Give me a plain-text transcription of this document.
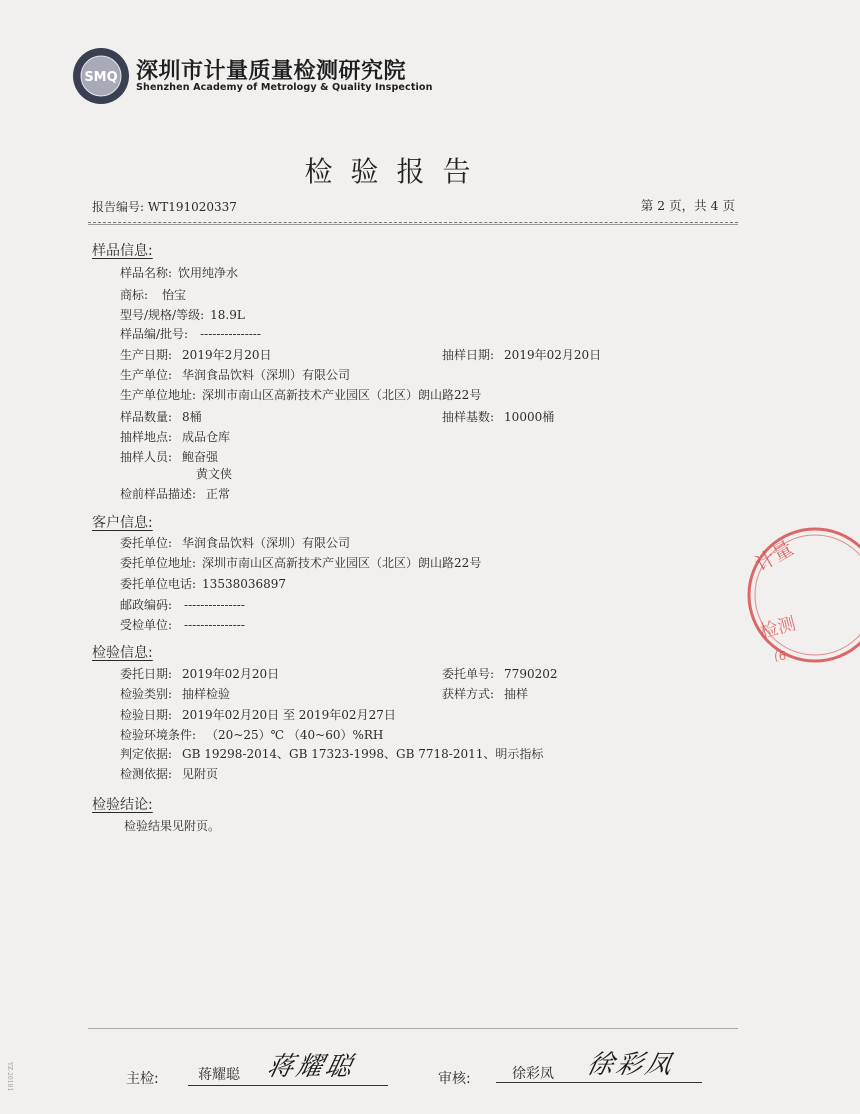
SMQ 深圳市计量质量检测研究院
Shenzhen Academy of Metrology & Quality Inspection
检验报告
报告编号: WT191020337	第 2 页，共 4 页
样品信息:
样品名称: 饮用纯净水
商标: 怡宝
型号/规格/等级: 18.9L
样品编/批号: ---------------
生产日期: 2019年2月20日	抽样日期: 2019年02月20日
生产单位: 华润食品饮料（深圳）有限公司
生产单位地址: 深圳市南山区高新技术产业园区（北区）朗山路22号
样品数量: 8桶	抽样基数: 10000桶
抽样地点: 成品仓库
抽样人员: 鲍奋强
黄文侠
检前样品描述: 正常
客户信息:
委托单位: 华润食品饮料（深圳）有限公司
委托单位地址: 深圳市南山区高新技术产业园区（北区）朗山路22号
委托单位电话: 13538036897
邮政编码: ---------------
受检单位: ---------------
检验信息:
委托日期: 2019年02月20日	委托单号: 7790202
检验类别: 抽样检验	获样方式: 抽样
检验日期: 2019年02月20日 至 2019年02月27日
检验环境条件: （20~25）℃ （40~60）%RH
判定依据: GB 19298-2014、GB 17323-1998、GB 7718-2011、明示指标
检测依据: 见附页
检验结论:
检验结果见附页。
计量
检测
(6
主检:	蒋耀聪 蒋耀聪	审核:	徐彩凤 徐彩凤
YZ-20181
